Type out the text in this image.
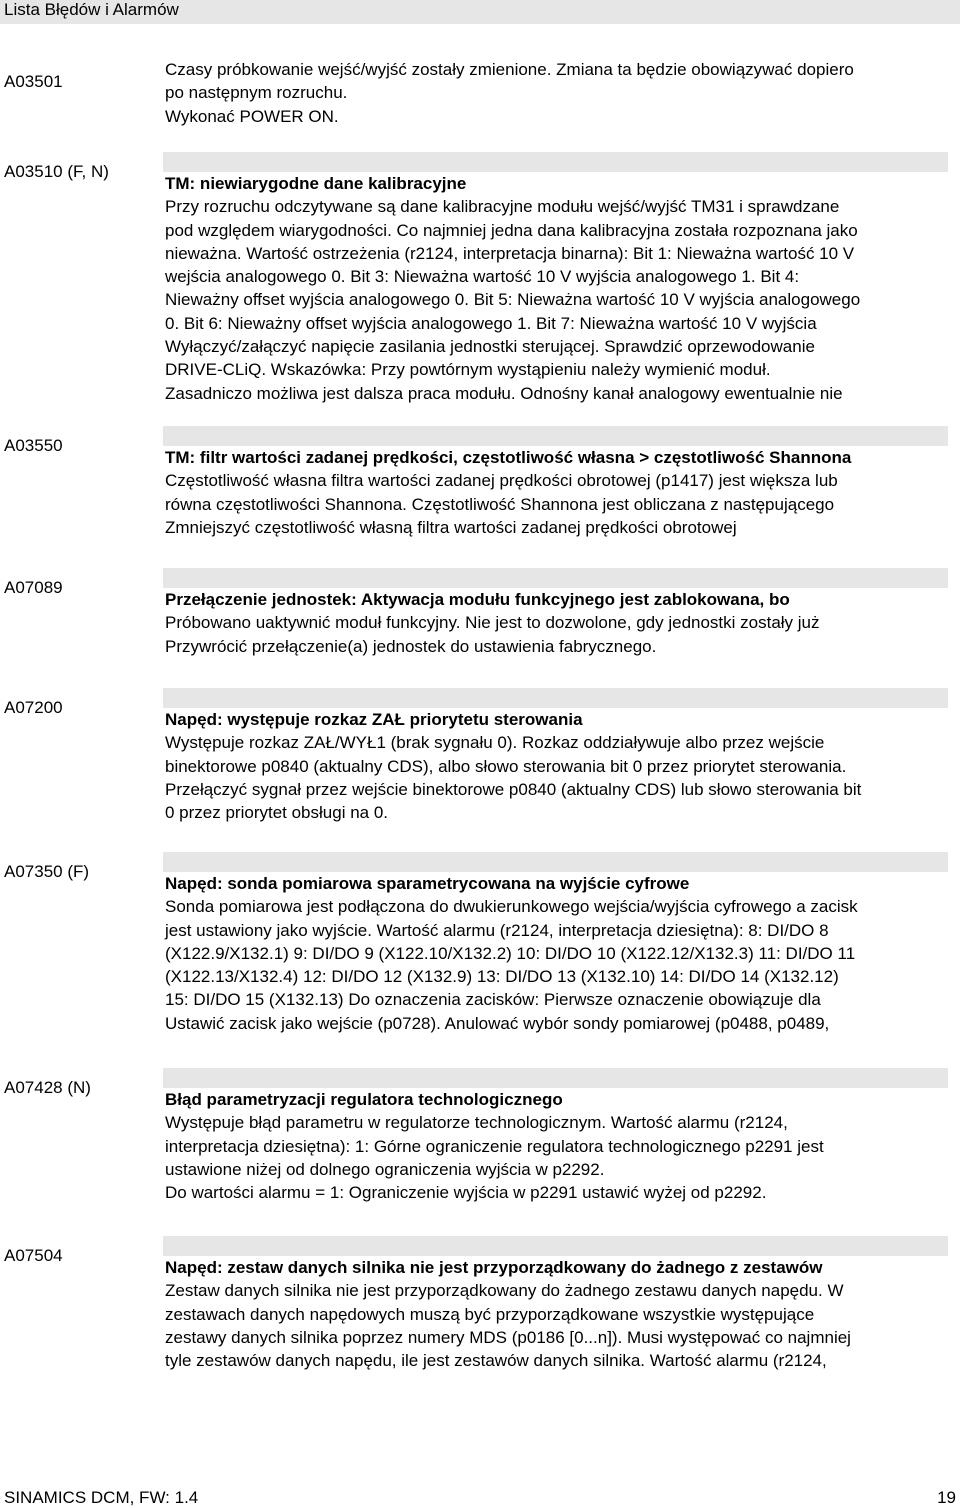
Lista Błędów i Alarmów
A03501
Czasy próbkowanie wejść/wyjść zostały zmienione. Zmiana ta będzie obowiązywać dopiero
po następnym rozruchu.
Wykonać POWER ON.
A03510 (F, N)
TM: niewiarygodne dane kalibracyjne
Przy rozruchu odczytywane są dane kalibracyjne modułu wejść/wyjść TM31 i sprawdzane
pod względem wiarygodności. Co najmniej jedna dana kalibracyjna została rozpoznana jako
nieważna. Wartość ostrzeżenia (r2124, interpretacja binarna): Bit 1: Nieważna wartość 10 V
wejścia analogowego 0. Bit 3: Nieważna wartość 10 V wyjścia analogowego 1. Bit 4:
Nieważny offset wyjścia analogowego 0. Bit 5: Nieważna wartość 10 V wyjścia analogowego
0. Bit 6: Nieważny offset wyjścia analogowego 1. Bit 7: Nieważna wartość 10 V wyjścia
Wyłączyć/załączyć napięcie zasilania jednostki sterującej. Sprawdzić oprzewodowanie
DRIVE-CLiQ. Wskazówka: Przy powtórnym wystąpieniu należy wymienić moduł.
Zasadniczo możliwa jest dalsza praca modułu. Odnośny kanał analogowy ewentualnie nie
A03550
TM: filtr wartości zadanej prędkości, częstotliwość własna > częstotliwość Shannona
Częstotliwość własna filtra wartości zadanej prędkości obrotowej (p1417) jest większa lub
równa częstotliwości Shannona. Częstotliwość Shannona jest obliczana z następującego
Zmniejszyć częstotliwość własną filtra wartości zadanej prędkości obrotowej
A07089
Przełączenie jednostek: Aktywacja modułu funkcyjnego jest zablokowana, bo
Próbowano uaktywnić moduł funkcyjny. Nie jest to dozwolone, gdy jednostki zostały już
Przywrócić przełączenie(a) jednostek do ustawienia fabrycznego.
A07200
Napęd: występuje rozkaz ZAŁ priorytetu sterowania
Występuje rozkaz ZAŁ/WYŁ1 (brak sygnału 0). Rozkaz oddziaływuje albo przez wejście
binektorowe p0840 (aktualny CDS), albo słowo sterowania bit 0 przez priorytet sterowania.
Przełączyć sygnał przez wejście binektorowe p0840 (aktualny CDS) lub słowo sterowania bit
0 przez priorytet obsługi na 0.
A07350 (F)
Napęd: sonda pomiarowa sparametrycowana na wyjście cyfrowe
Sonda pomiarowa jest podłączona do dwukierunkowego wejścia/wyjścia cyfrowego a zacisk
jest ustawiony jako wyjście. Wartość alarmu (r2124, interpretacja dziesiętna): 8: DI/DO 8
(X122.9/X132.1) 9: DI/DO 9 (X122.10/X132.2) 10: DI/DO 10 (X122.12/X132.3) 11: DI/DO 11
(X122.13/X132.4) 12: DI/DO 12 (X132.9) 13: DI/DO 13 (X132.10) 14: DI/DO 14 (X132.12)
15: DI/DO 15 (X132.13) Do oznaczenia zacisków: Pierwsze oznaczenie obowiązuje dla
Ustawić zacisk jako wejście (p0728). Anulować wybór sondy pomiarowej (p0488, p0489,
A07428 (N)
Błąd parametryzacji regulatora technologicznego
Występuje błąd parametru w regulatorze technologicznym. Wartość alarmu (r2124,
interpretacja dziesiętna): 1: Górne ograniczenie regulatora technologicznego p2291 jest
ustawione niżej od dolnego ograniczenia wyjścia w p2292.
Do wartości alarmu = 1: Ograniczenie wyjścia w p2291 ustawić wyżej od p2292.
A07504
Napęd: zestaw danych silnika nie jest przyporządkowany do żadnego z zestawów
Zestaw danych silnika nie jest przyporządkowany do żadnego zestawu danych napędu. W
zestawach danych napędowych muszą być przyporządkowane wszystkie występujące
zestawy danych silnika poprzez numery MDS (p0186 [0...n]). Musi występować co najmniej
tyle zestawów danych napędu, ile jest zestawów danych silnika. Wartość alarmu (r2124,
SINAMICS DCM, FW: 1.4	19
